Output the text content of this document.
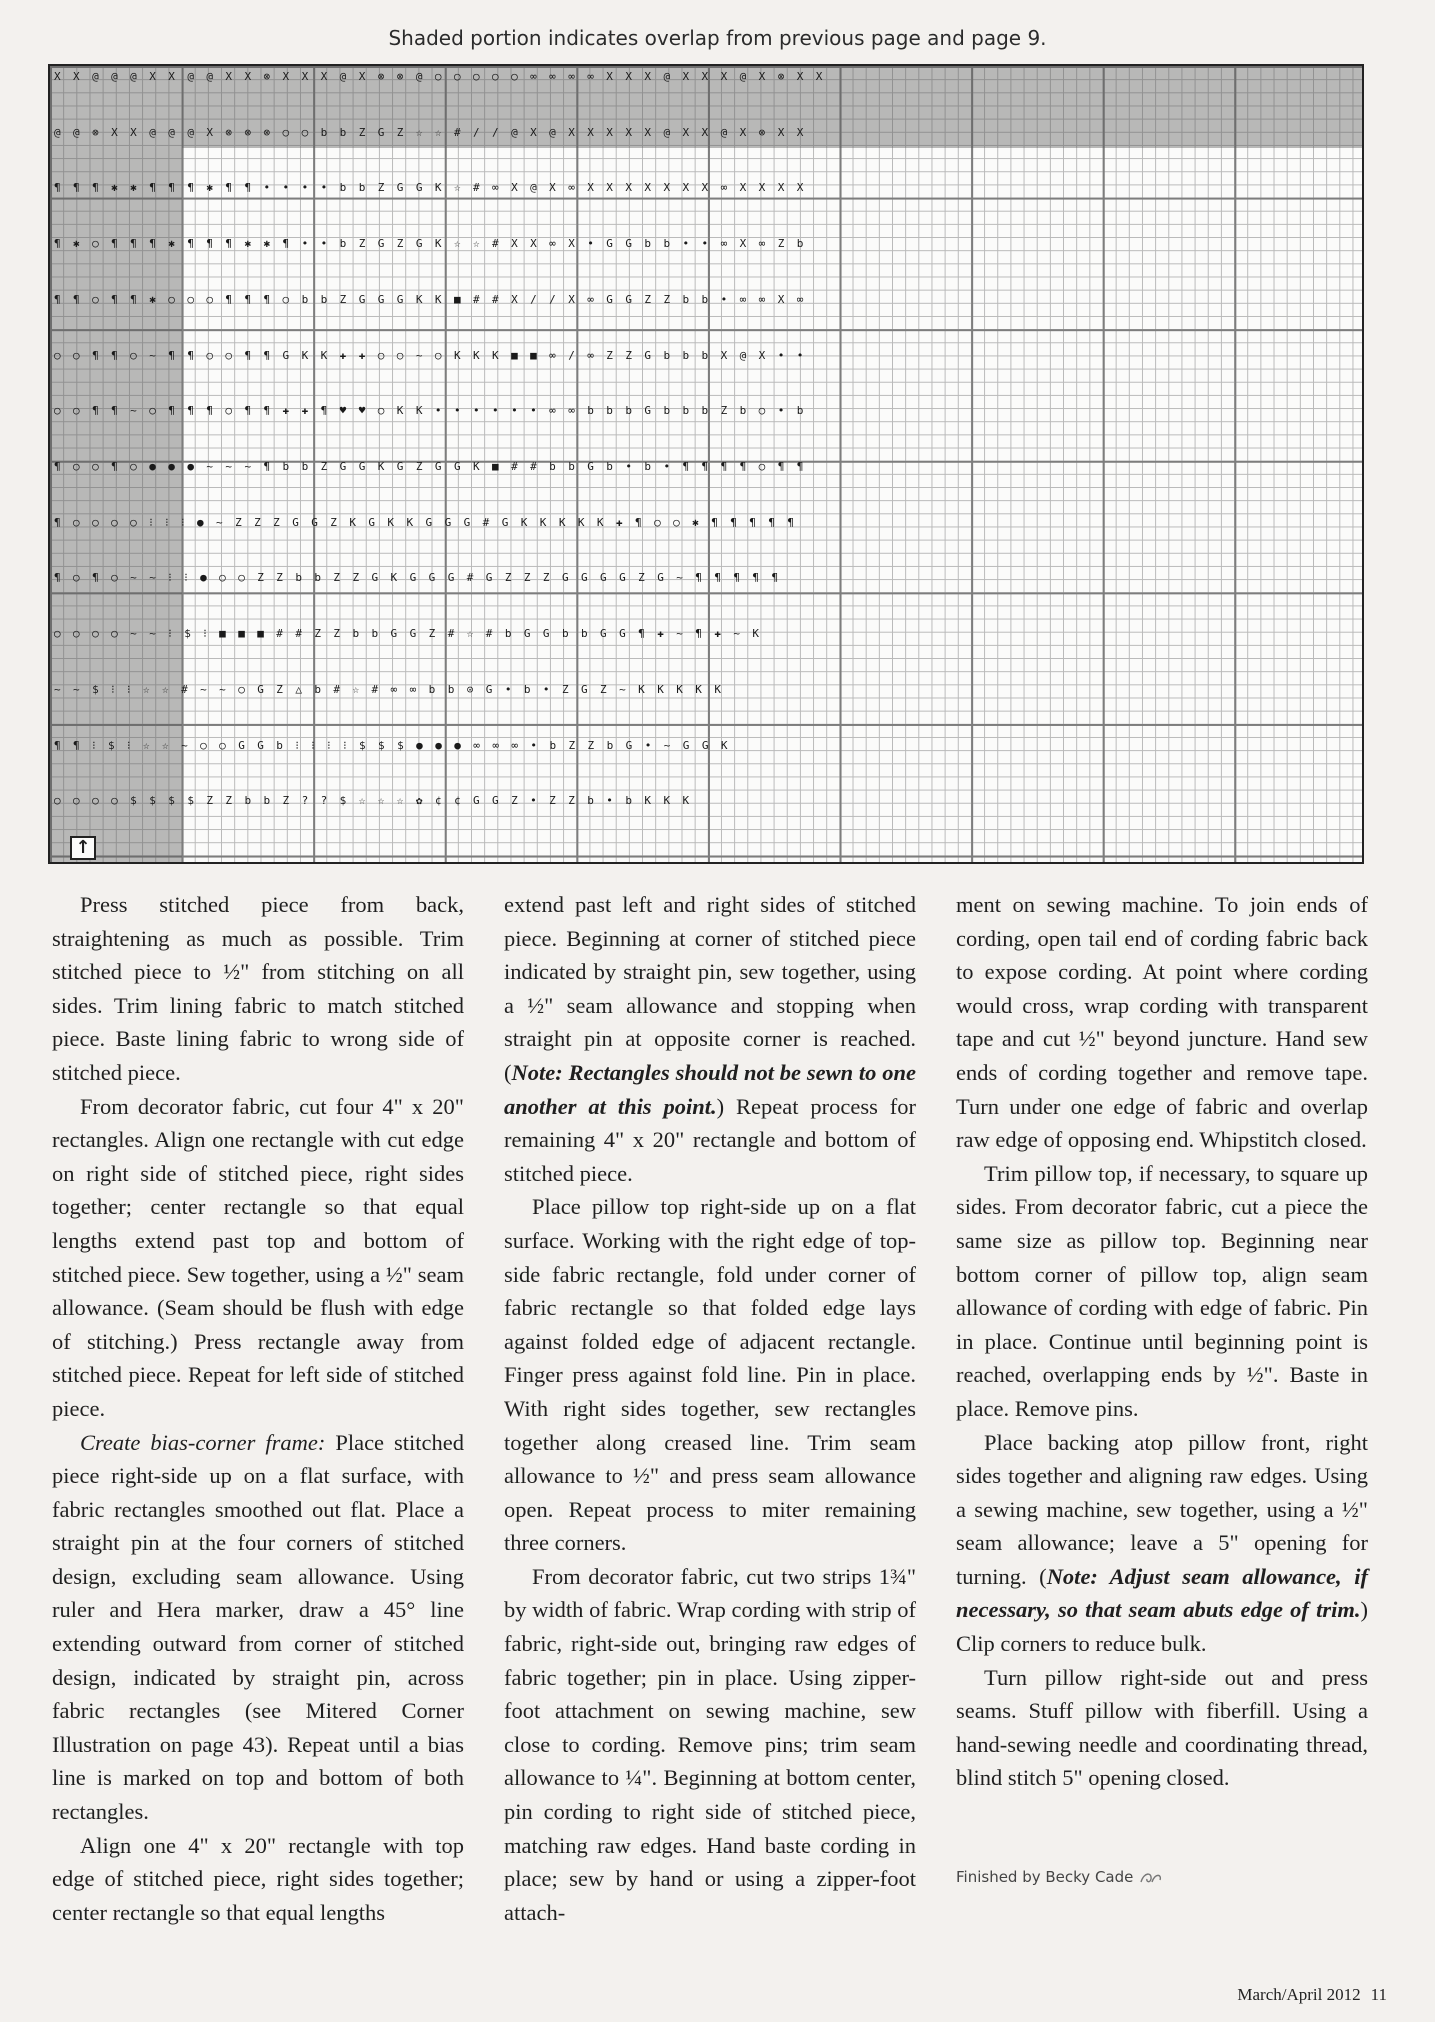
Shaded portion indicates overlap from previous page and page 9.
X X @ @ @ X X @ @ X X ⊗ X X X @ X ⊗ ⊗ @ ○ ○ ○ ○ ○ ∞ ∞ ∞ ∞ X X X @ X X X @ X ⊗ X X
@ @ ⊗ X X @ @ @ X ⊗ ⊗ ⊗ ○ ○ b b Z G Z ☆ ☆ # / / @ X @ X X X X X @ X X @ X ⊗ X X
¶ ¶ ¶ ✱ ✱ ¶ ¶ ¶ ✱ ¶ ¶ • • • • b b Z G G K ☆ # ∞ X @ X ∞ X X X X X X X ∞ X X X X
¶ ✱ ○ ¶ ¶ ¶ ✱ ¶ ¶ ¶ ✱ ✱ ¶ • • b Z G Z G K ☆ ☆ # X X ∞ X • G G b b • • ∞ X ∞ Z b
¶ ¶ ○ ¶ ¶ ✱ ○ ○ ○ ¶ ¶ ¶ ○ b b Z G G G K K ■ # # X / / X ∞ G G Z Z b b • ∞ ∞ X ∞
○ ○ ¶ ¶ ○ ~ ¶ ¶ ○ ○ ¶ ¶ G K K ✚ ✚ ○ ○ ~ ○ K K K ■ ■ ∞ / ∞ Z Z G b b b X @ X • •
○ ○ ¶ ¶ ~ ○ ¶ ¶ ¶ ○ ¶ ¶ ✚ ✚ ¶ ♥ ♥ ○ K K • • • • • • ∞ ∞ b b b G b b b Z b ○ • b
¶ ○ ○ ¶ ○ ● ● ● ~ ~ ~ ¶ b b Z G G K G Z G G K ■ # # b b G b • b • ¶ ¶ ¶ ¶ ○ ¶ ¶
¶ ○ ○ ○ ○ ⁝ ⁝ ⁝ ● ~ Z Z Z G G Z K G K K G G G # G K K K K K ✚ ¶ ○ ○ ✱ ¶ ¶ ¶ ¶ ¶
¶ ○ ¶ ○ ~ ~ ⁝ ⁝ ● ○ ○ Z Z b b Z Z G K G G G # G Z Z Z G G G G Z G ~ ¶ ¶ ¶ ¶ ¶
○ ○ ○ ○ ~ ~ ⁝ $ ⁝ ■ ■ ■ # # Z Z b b G G Z # ☆ # b G G b b G G ¶ ✚ ~ ¶ ✚ ~ K
~ ~ $ ⁝ ⁝ ☆ ☆ # ~ ~ ○ G Z △ b # ☆ # ∞ ∞ b b ⊙ G • b • Z G Z ~ K K K K K
¶ ¶ ⁝ $ ⁝ ☆ ☆ ~ ○ ○ G G b ⁝ ⁝ ⁝ ⁝ $ $ $ ● ● ● ∞ ∞ ∞ • b Z Z b G • ~ G G K
○ ○ ○ ○ $ $ $ $ Z Z b b Z ? ? $ ☆ ☆ ☆ ✿ ¢ ¢ G G Z • Z Z b • b K K K
↑

Press stitched piece from back, straightening as much as possible. Trim stitched piece to ½" from stitching on all sides. Trim lining fabric to match stitched piece. Baste lining fabric to wrong side of stitched piece.

From decorator fabric, cut four 4" x 20" rectangles. Align one rectangle with cut edge on right side of stitched piece, right sides together; center rectangle so that equal lengths extend past top and bottom of stitched piece. Sew together, using a ½" seam allowance. (Seam should be flush with edge of stitching.) Press rectangle away from stitched piece. Repeat for left side of stitched piece.

Create bias-corner frame: Place stitched piece right-side up on a flat surface, with fabric rectangles smoothed out flat. Place a straight pin at the four corners of stitched design, excluding seam allowance. Using ruler and Hera marker, draw a 45° line extending outward from corner of stitched design, indicated by straight pin, across fabric rectangles (see Mitered Corner Illustration on page 43). Repeat until a bias line is marked on top and bottom of both rectangles.

Align one 4" x 20" rectangle with top edge of stitched piece, right sides together; center rectangle so that equal lengths

extend past left and right sides of stitched piece. Beginning at corner of stitched piece indicated by straight pin, sew together, using a ½" seam allowance and stopping when straight pin at opposite corner is reached. (Note: Rectangles should not be sewn to one another at this point.) Repeat process for remaining 4" x 20" rectangle and bottom of stitched piece.

Place pillow top right-side up on a flat surface. Working with the right edge of top-side fabric rectangle, fold under corner of fabric rectangle so that folded edge lays against folded edge of adjacent rectangle. Finger press against fold line. Pin in place. With right sides together, sew rectangles together along creased line. Trim seam allowance to ½" and press seam allowance open. Repeat process to miter remaining three corners.

From decorator fabric, cut two strips 1¾" by width of fabric. Wrap cording with strip of fabric, right-side out, bringing raw edges of fabric together; pin in place. Using zipper-foot attachment on sewing machine, sew close to cording. Remove pins; trim seam allowance to ¼". Beginning at bottom center, pin cording to right side of stitched piece, matching raw edges. Hand baste cording in place; sew by hand or using a zipper-foot attach-

ment on sewing machine. To join ends of cording, open tail end of cording fabric back to expose cording. At point where cording would cross, wrap cording with transparent tape and cut ½" beyond juncture. Hand sew ends of cording together and remove tape. Turn under one edge of fabric and overlap raw edge of opposing end. Whipstitch closed.

Trim pillow top, if necessary, to square up sides. From decorator fabric, cut a piece the same size as pillow top. Beginning near bottom corner of pillow top, align seam allowance of cording with edge of fabric. Pin in place. Continue until beginning point is reached, overlapping ends by ½". Baste in place. Remove pins.

Place backing atop pillow front, right sides together and aligning raw edges. Using a sewing machine, sew together, using a ½" seam allowance; leave a 5" opening for turning. (Note: Adjust seam allowance, if necessary, so that seam abuts edge of trim.) Clip corners to reduce bulk.

Turn pillow right-side out and press seams. Stuff pillow with fiberfill. Using a hand-sewing needle and coordinating thread, blind stitch 5" opening closed.

Finished by Becky Cade
March/April 2012 11
